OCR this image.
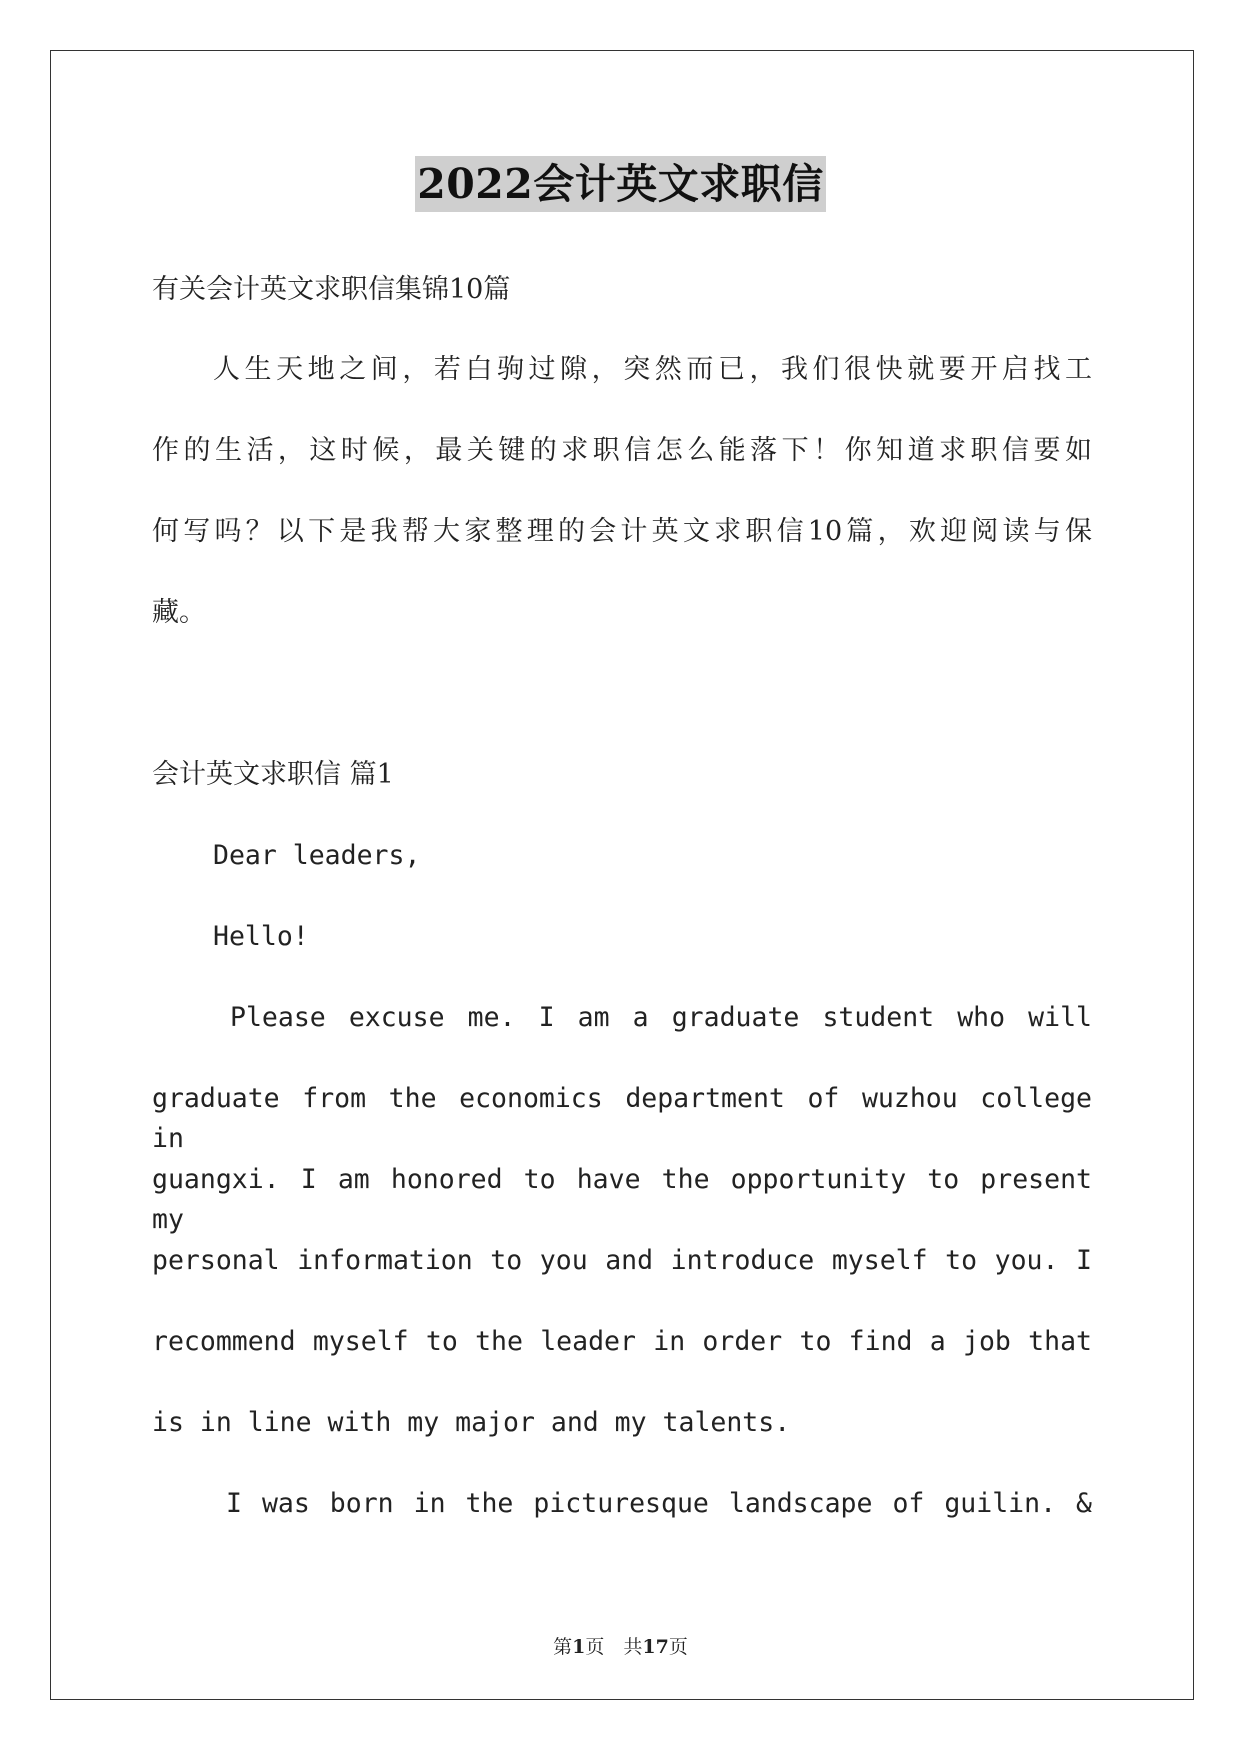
2022会计英文求职信
有关会计英文求职信集锦10篇
人生天地之间，若白驹过隙，突然而已，我们很快就要开启找工
作的生活，这时候，最关键的求职信怎么能落下！你知道求职信要如
何写吗？以下是我帮大家整理的会计英文求职信10篇，欢迎阅读与保
藏。
会计英文求职信 篇1
Dear leaders,
Hello!
Please excuse me. I am a graduate student who will
graduate from the economics department of wuzhou college in
guangxi. I am honored to have the opportunity to present my
personal information to you and introduce myself to you. I
recommend myself to the leader in order to find a job that
is in line with my major and my talents.
I was born in the picturesque landscape of guilin. &
第1页　共17页
